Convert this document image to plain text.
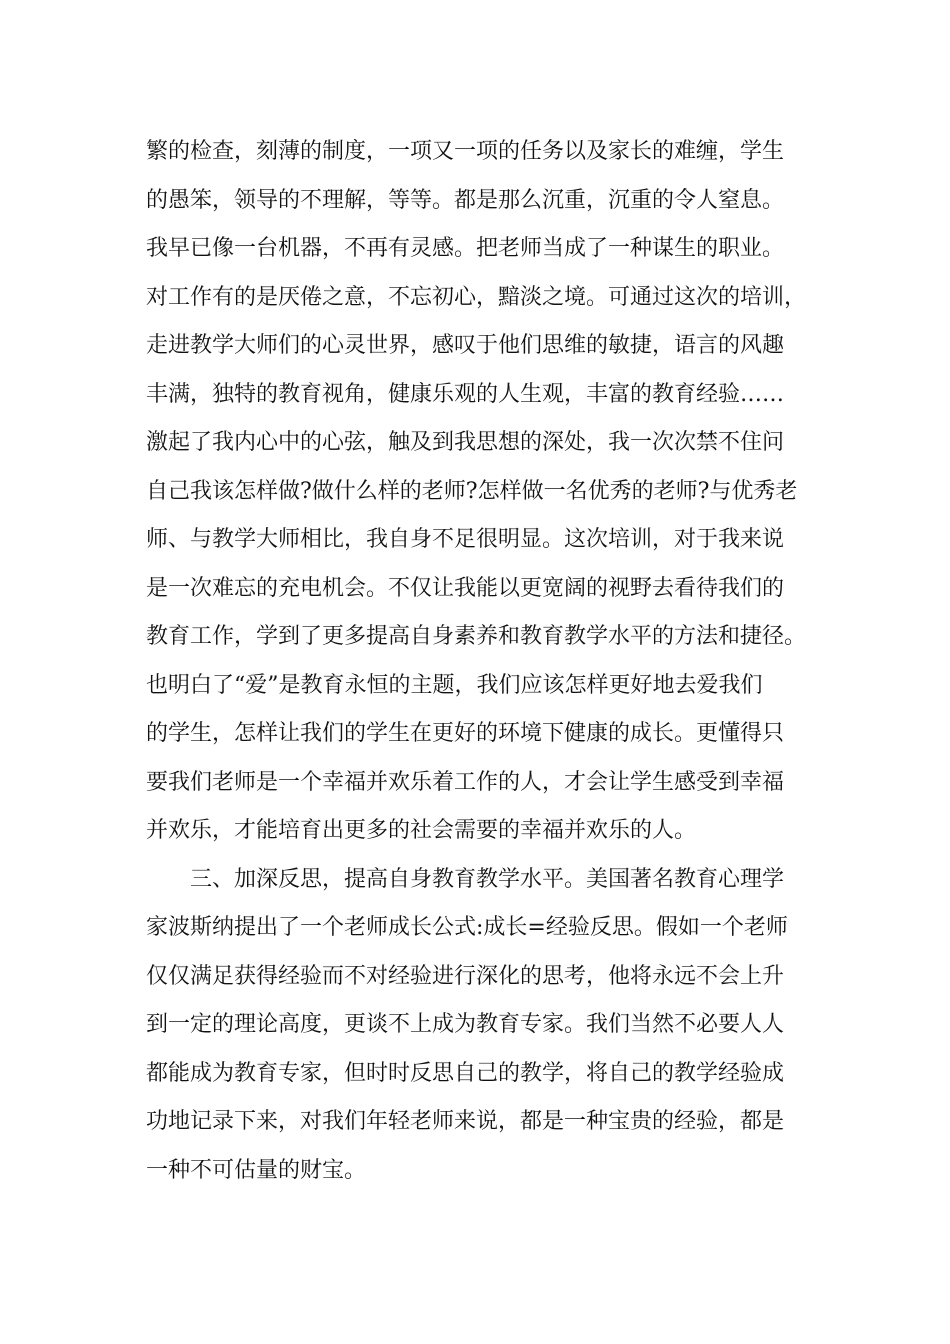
繁的检查，刻薄的制度，一项又一项的任务以及家长的难缠，学生
的愚笨，领导的不理解，等等。都是那么沉重，沉重的令人窒息。
我早已像一台机器，不再有灵感。把老师当成了一种谋生的职业。
对工作有的是厌倦之意，不忘初心，黯淡之境。可通过这次的培训，
走进教学大师们的心灵世界，感叹于他们思维的敏捷，语言的风趣
丰满，独特的教育视角，健康乐观的人生观，丰富的教育经验……
激起了我内心中的心弦，触及到我思想的深处，我一次次禁不住问
自己我该怎样做?做什么样的老师?怎样做一名优秀的老师?与优秀老
师、与教学大师相比，我自身不足很明显。这次培训，对于我来说
是一次难忘的充电机会。不仅让我能以更宽阔的视野去看待我们的
教育工作，学到了更多提高自身素养和教育教学水平的方法和捷径。
也明白了“爱”是教育永恒的主题，我们应该怎样更好地去爱我们
的学生，怎样让我们的学生在更好的环境下健康的成长。更懂得只
要我们老师是一个幸福并欢乐着工作的人，才会让学生感受到幸福
并欢乐，才能培育出更多的社会需要的幸福并欢乐的人。
三、加深反思，提高自身教育教学水平。美国著名教育心理学
家波斯纳提出了一个老师成长公式:成长=经验反思。假如一个老师
仅仅满足获得经验而不对经验进行深化的思考，他将永远不会上升
到一定的理论高度，更谈不上成为教育专家。我们当然不必要人人
都能成为教育专家，但时时反思自己的教学，将自己的教学经验成
功地记录下来，对我们年轻老师来说，都是一种宝贵的经验，都是
一种不可估量的财宝。
